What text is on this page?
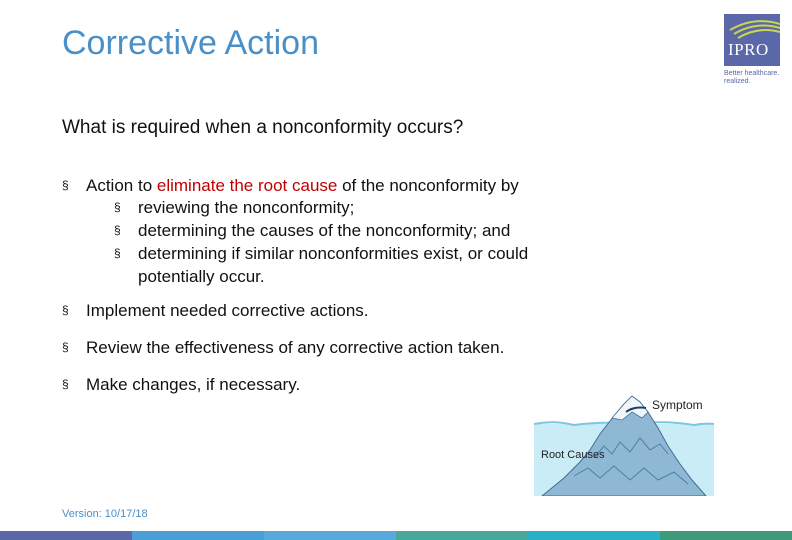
Corrective Action	IPRO
Better healthcare.
realized.
What is required when a nonconformity occurs?
§ Action to eliminate the root cause of the nonconformity by
§ reviewing the nonconformity;
§ determining the causes of the nonconformity; and
§ determining if similar nonconformities exist, or could
potentially occur.
§ Implement needed corrective actions.
§ Review the effectiveness of any corrective action taken.
§ Make changes, if necessary.
Symptom
Root Causes
Version: 10/17/18
